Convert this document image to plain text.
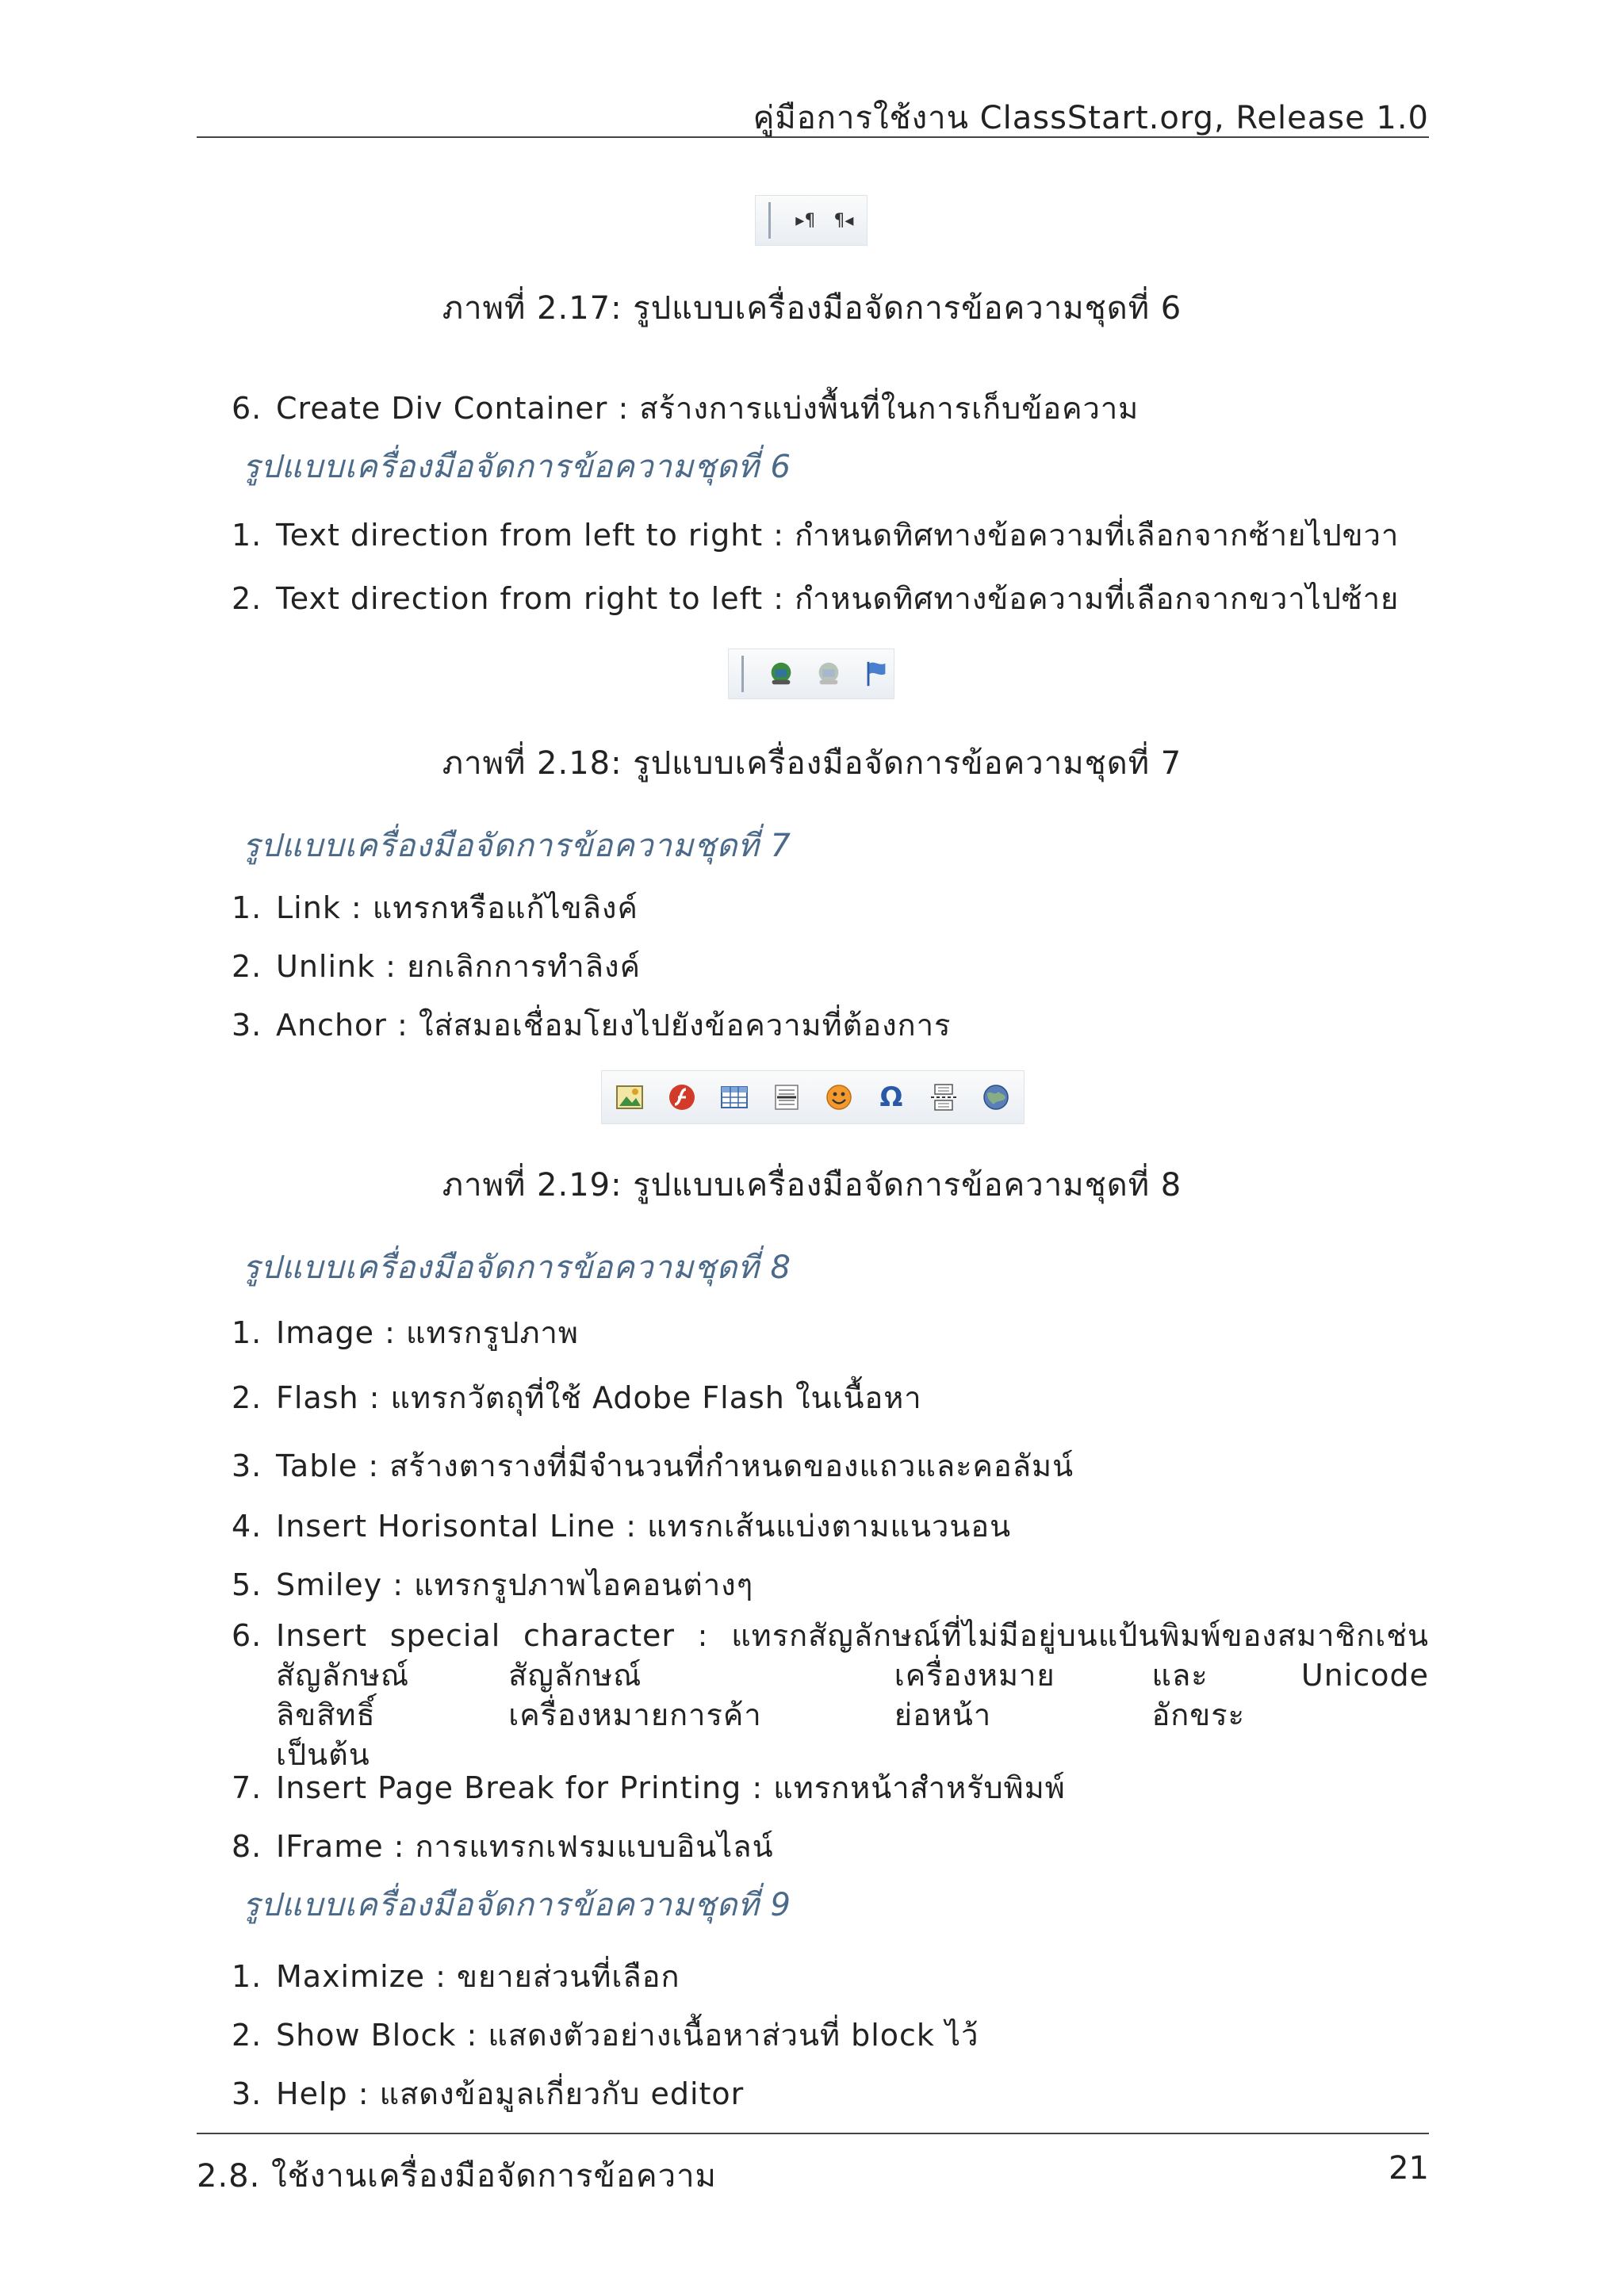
คู่มือการใช้งาน ClassStart.org, Release 1.0
▸¶ ¶◂
ภาพที่ 2.17: รูปแบบเครื่องมือจัดการข้อความชุดที่ 6
6. Create Div Container : สร้างการแบ่งพื้นที่ในการเก็บข้อความ
รูปแบบเครื่องมือจัดการข้อความชุดที่ 6
1. Text direction from left to right : กำหนดทิศทางข้อความที่เลือกจากซ้ายไปขวา
2. Text direction from right to left : กำหนดทิศทางข้อความที่เลือกจากขวาไปซ้าย
ภาพที่ 2.18: รูปแบบเครื่องมือจัดการข้อความชุดที่ 7
รูปแบบเครื่องมือจัดการข้อความชุดที่ 7
1. Link : แทรกหรือแก้ไขลิงค์
2. Unlink : ยกเลิกการทำลิงค์
3. Anchor : ใส่สมอเชื่อมโยงไปยังข้อความที่ต้องการ
Ω
ภาพที่ 2.19: รูปแบบเครื่องมือจัดการข้อความชุดที่ 8
รูปแบบเครื่องมือจัดการข้อความชุดที่ 8
1. Image : แทรกรูปภาพ
2. Flash : แทรกวัตถุที่ใช้ Adobe Flash ในเนื้อหา
3. Table : สร้างตารางที่มีจำนวนที่กำหนดของแถวและคอลัมน์
4. Insert Horisontal Line : แทรกเส้นแบ่งตามแนวนอน
5. Smiley : แทรกรูปภาพไอคอนต่างๆ
6. Insert special character : แทรกสัญลักษณ์ที่ไม่มีอยู่บนแป้นพิมพ์ของสมาชิกเช่น
สัญลักษณ์ลิขสิทธิ์
สัญลักษณ์เครื่องหมายการค้า
เครื่องหมายย่อหน้า
และอักขระ
Unicode
เป็นต้น
7. Insert Page Break for Printing : แทรกหน้าสำหรับพิมพ์
8. IFrame : การแทรกเฟรมแบบอินไลน์
รูปแบบเครื่องมือจัดการข้อความชุดที่ 9
1. Maximize : ขยายส่วนที่เลือก
2. Show Block : แสดงตัวอย่างเนื้อหาส่วนที่ block ไว้
3. Help : แสดงข้อมูลเกี่ยวกับ editor
2.8. ใช้งานเครื่องมือจัดการข้อความ	21
